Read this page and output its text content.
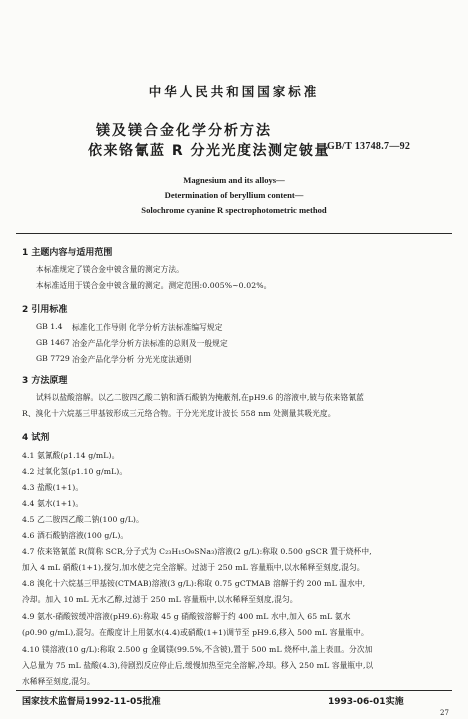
中华人民共和国国家标准
镁及镁合金化学分析方法
依来铬氰蓝 R 分光光度法测定铍量
GB/T 13748.7—92
Magnesium and its alloys—
Determination of beryllium content—
Solochrome cyanine R spectrophotometric method
1 主题内容与适用范围
本标准规定了镁合金中铍含量的测定方法。
本标准适用于镁合金中铍含量的测定。测定范围:0.005%~0.02%。
2 引用标准
GB 1.4 标准化工作导则 化学分析方法标准编写规定
GB 1467 冶金产品化学分析方法标准的总则及一般规定
GB 7729 冶金产品化学分析 分光光度法通则
3 方法原理
试料以盐酸溶解。以乙二胺四乙酸二钠和酒石酸钠为掩蔽剂,在pH9.6 的溶液中,铍与依来铬氰蓝
R、溴化十六烷基三甲基铵形成三元络合物。于分光光度计波长 558 nm 处测量其吸光度。
4 试剂
4.1 氨氰酸(ρ1.14 g/mL)。
4.2 过氧化氢(ρ1.10 g/mL)。
4.3 盐酸(1+1)。
4.4 氨水(1+1)。
4.5 乙二胺四乙酸二钠(100 g/L)。
4.6 酒石酸钠溶液(100 g/L)。
4.7 依来铬氰蓝 R(简称 SCR,分子式为 C₂₃H₁₅O₉SNa₃)溶液(2 g/L):称取 0.500 gSCR 置于烧杯中,
加入 4 mL 硝酸(1+1),搅匀,加水使之完全溶解。过滤于 250 mL 容量瓶中,以水稀释至刻度,混匀。
4.8 溴化十六烷基三甲基铵(CTMAB)溶液(3 g/L):称取 0.75 gCTMAB 溶解于约 200 mL 温水中,
冷却。加入 10 mL 无水乙醇,过滤于 250 mL 容量瓶中,以水稀释至刻度,混匀。
4.9 氨水-硝酸铵缓冲溶液(pH9.6):称取 45 g 硝酸铵溶解于约 400 mL 水中,加入 65 mL 氨水
(ρ0.90 g/mL),混匀。在酸度计上用氨水(4.4)或硝酸(1+1)调节至 pH9.6,移入 500 mL 容量瓶中。
4.10 镁溶液(10 g/L):称取 2.500 g 金属镁(99.5%,不含铍),置于 500 mL 烧杯中,盖上表皿。分次加
入总量为 75 mL 盐酸(4.3),待剧烈反应停止后,缓慢加热至完全溶解,冷却。移入 250 mL 容量瓶中,以
水稀释至刻度,混匀。
国家技术监督局1992-11-05批准	1993-06-01实施
27
